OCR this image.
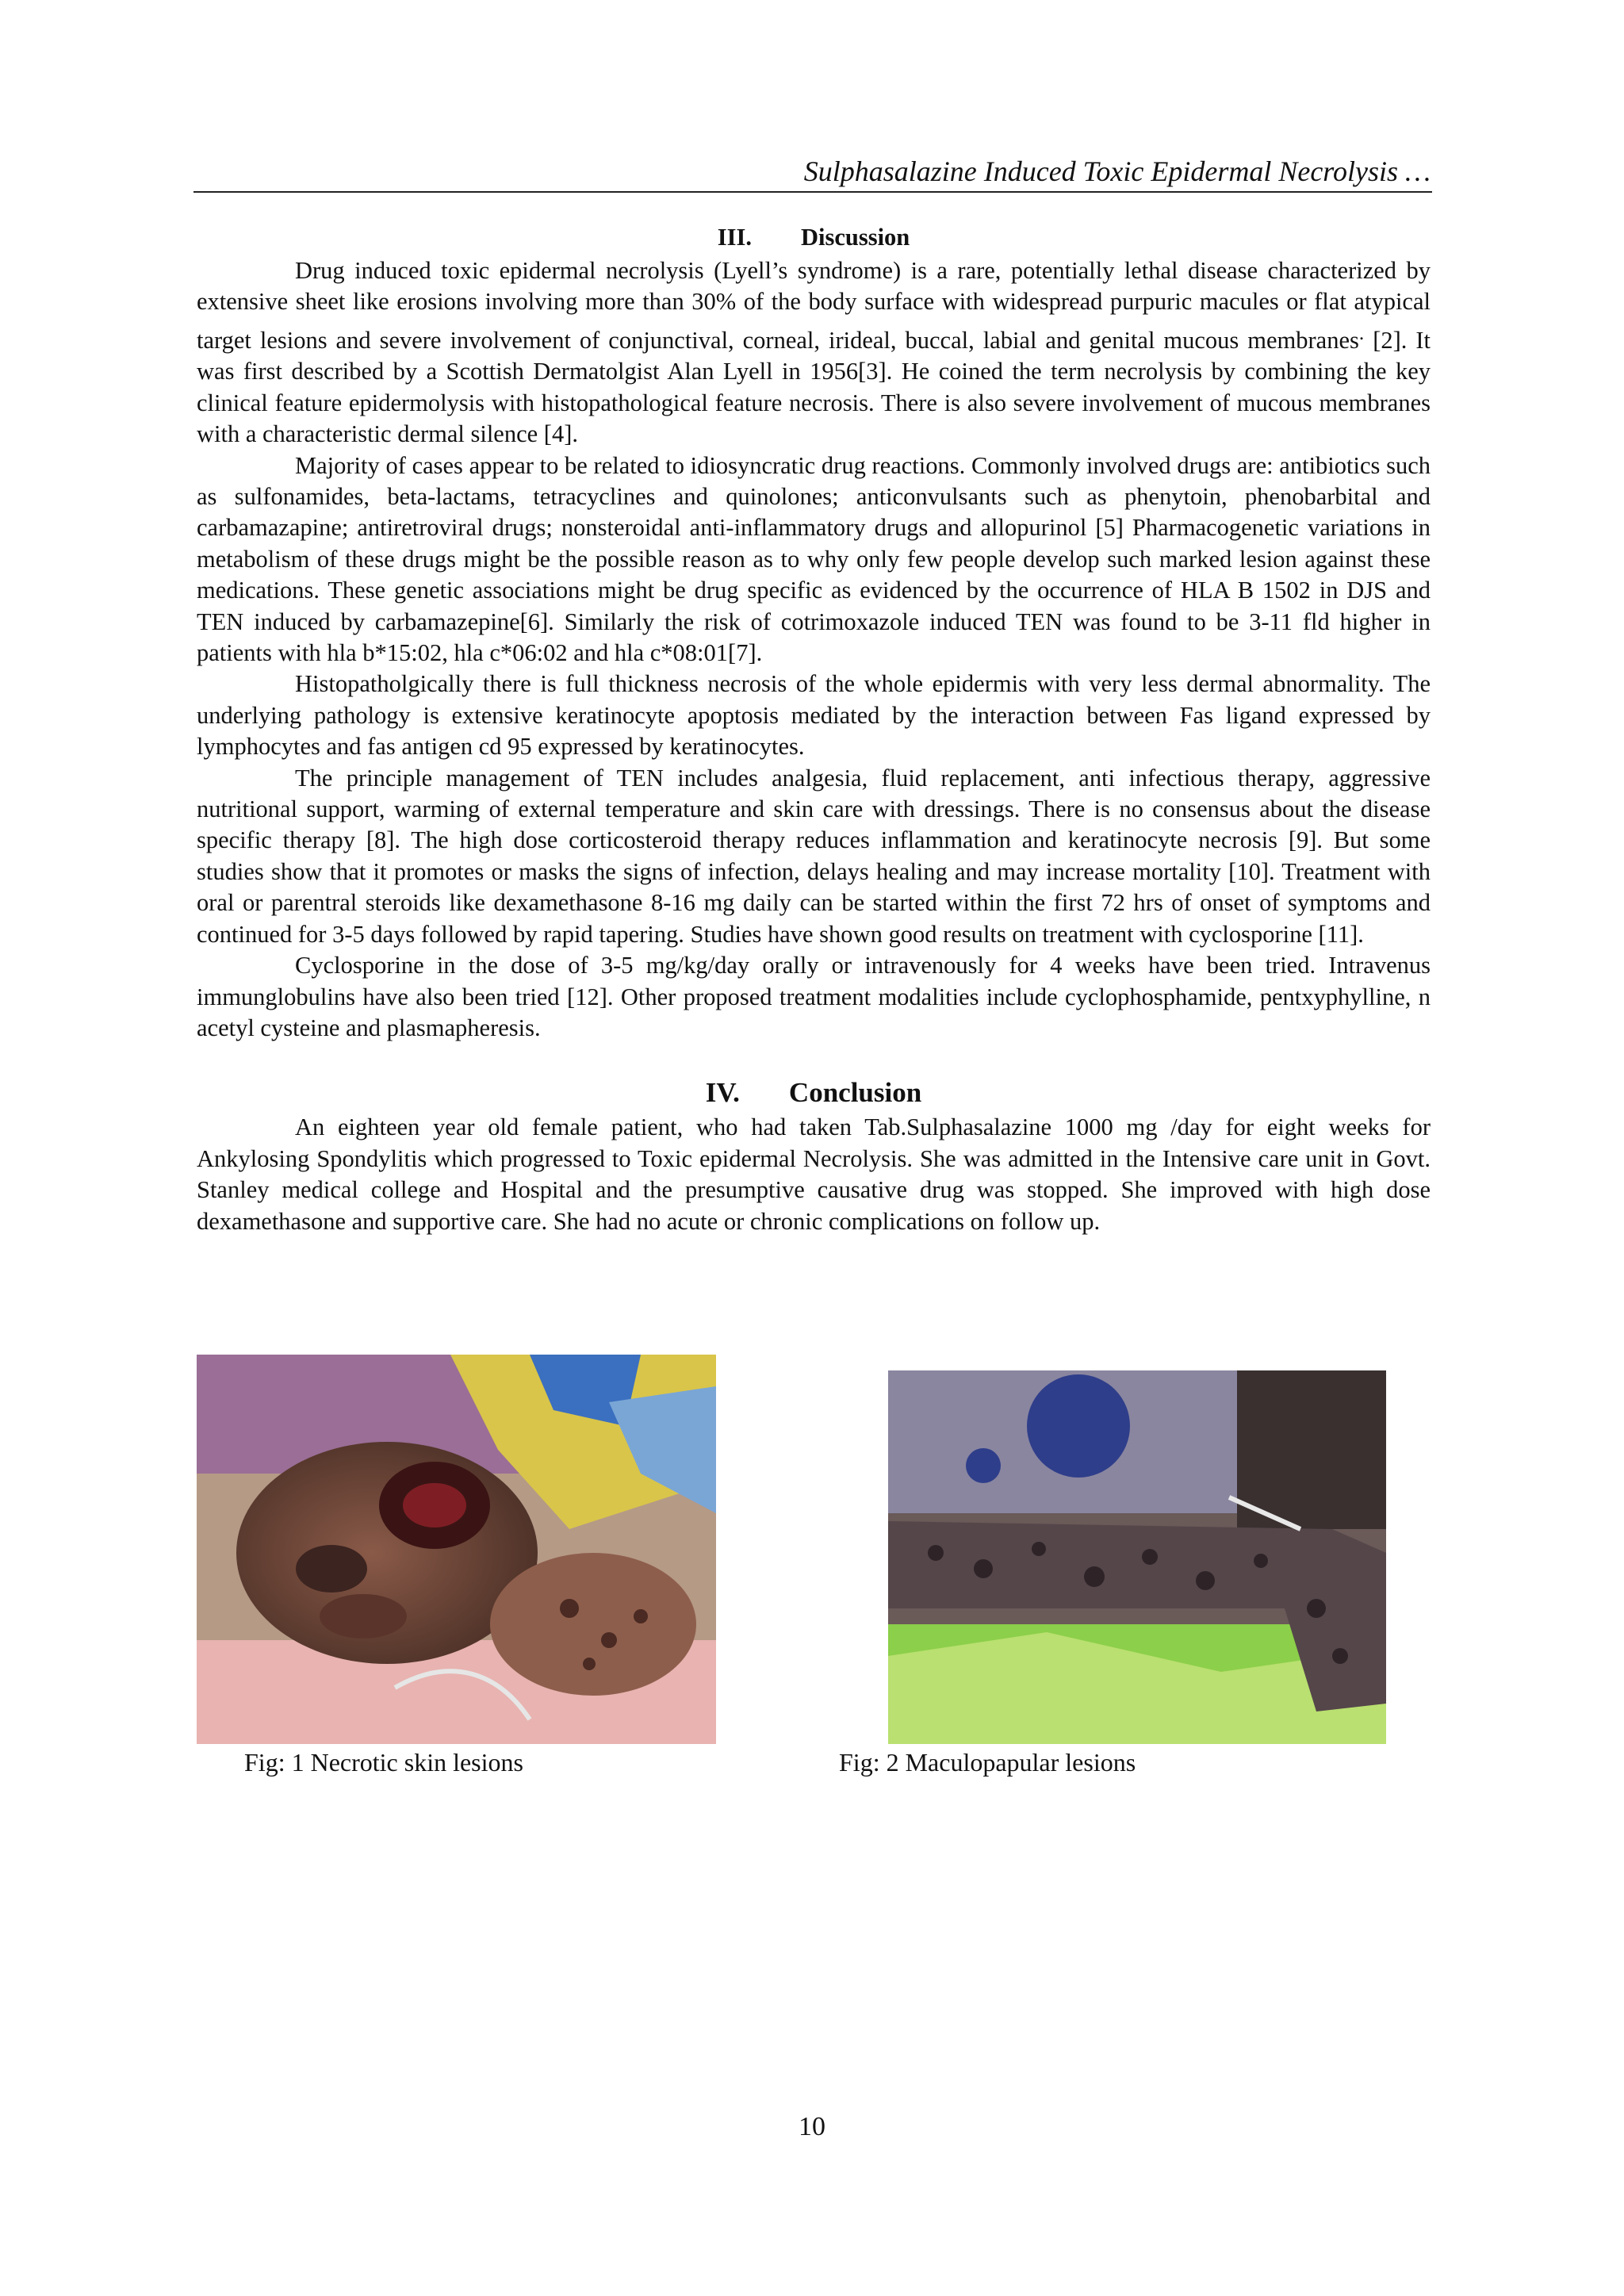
Sulphasalazine Induced Toxic Epidermal Necrolysis …
III. Discussion

Drug induced toxic epidermal necrolysis (Lyell’s syndrome) is a rare, potentially lethal disease characterized by extensive sheet like erosions involving more than 30% of the body surface with widespread purpuric macules or flat atypical target lesions and severe involvement of conjunctival, corneal, irideal, buccal, labial and genital mucous membranes. [2]. It was first described by a Scottish Dermatolgist Alan Lyell in 1956[3]. He coined the term necrolysis by combining the key clinical feature epidermolysis with histopathological feature necrosis. There is also severe involvement of mucous membranes with a characteristic dermal silence [4].

Majority of cases appear to be related to idiosyncratic drug reactions. Commonly involved drugs are: antibiotics such as sulfonamides, beta-lactams, tetracyclines and quinolones; anticonvulsants such as phenytoin, phenobarbital and carbamazapine; antiretroviral drugs; nonsteroidal anti-inflammatory drugs and allopurinol [5] Pharmacogenetic variations in metabolism of these drugs might be the possible reason as to why only few people develop such marked lesion against these medications. These genetic associations might be drug specific as evidenced by the occurrence of HLA B 1502 in DJS and TEN induced by carbamazepine[6]. Similarly the risk of cotrimoxazole induced TEN was found to be 3-11 fld higher in patients with hla b*15:02, hla c*06:02 and hla c*08:01[7].

Histopatholgically there is full thickness necrosis of the whole epidermis with very less dermal abnormality. The underlying pathology is extensive keratinocyte apoptosis mediated by the interaction between Fas ligand expressed by lymphocytes and fas antigen cd 95 expressed by keratinocytes.

The principle management of TEN includes analgesia, fluid replacement, anti infectious therapy, aggressive nutritional support, warming of external temperature and skin care with dressings. There is no consensus about the disease specific therapy [8]. The high dose corticosteroid therapy reduces inflammation and keratinocyte necrosis [9]. But some studies show that it promotes or masks the signs of infection, delays healing and may increase mortality [10]. Treatment with oral or parentral steroids like dexamethasone 8-16 mg daily can be started within the first 72 hrs of onset of symptoms and continued for 3-5 days followed by rapid tapering. Studies have shown good results on treatment with cyclosporine [11].

Cyclosporine in the dose of 3-5 mg/kg/day orally or intravenously for 4 weeks have been tried. Intravenus immunglobulins have also been tried [12]. Other proposed treatment modalities include cyclophosphamide, pentxyphylline, n acetyl cysteine and plasmapheresis.

IV. Conclusion

An eighteen year old female patient, who had taken Tab.Sulphasalazine 1000 mg /day for eight weeks for Ankylosing Spondylitis which progressed to Toxic epidermal Necrolysis. She was admitted in the Intensive care unit in Govt. Stanley medical college and Hospital and the presumptive causative drug was stopped. She improved with high dose dexamethasone and supportive care. She had no acute or chronic complications on follow up.

Fig: 1 Necrotic skin lesions	Fig: 2 Maculopapular lesions
10
